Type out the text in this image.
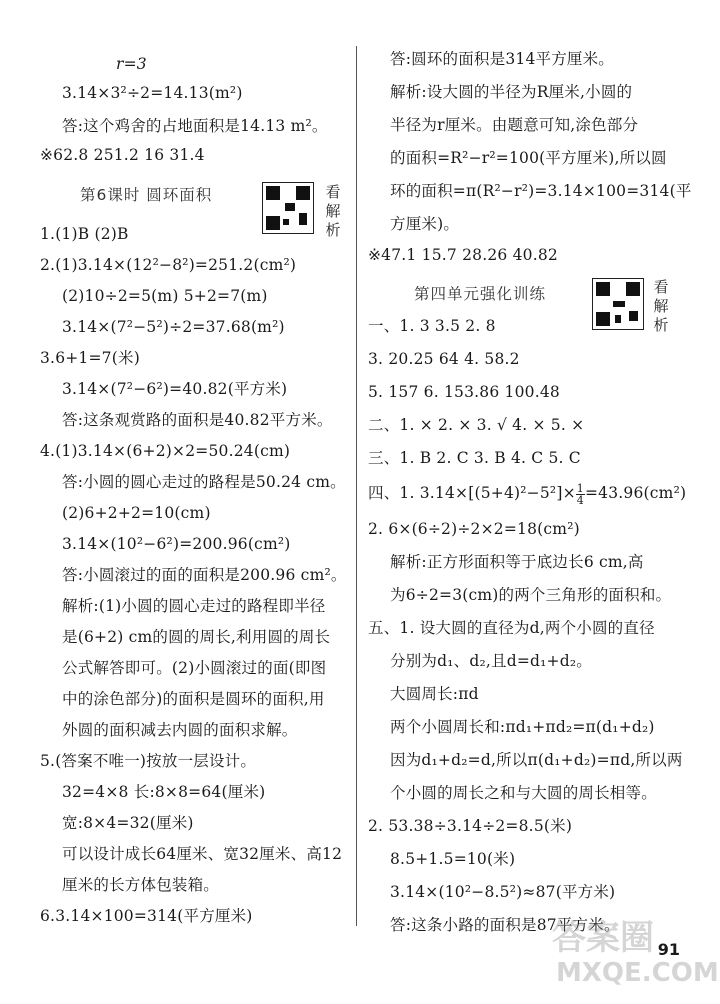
r=3
3.14×3²÷2=14.13(m²)
答:这个鸡舍的占地面积是14.13 m²。
※62.8 251.2 16 31.4
第6课时 圆环面积	看解析
1.(1)B (2)B
2.(1)3.14×(12²−8²)=251.2(cm²)
(2)10÷2=5(m) 5+2=7(m)
3.14×(7²−5²)÷2=37.68(m²)
3.6+1=7(米)
3.14×(7²−6²)=40.82(平方米)
答:这条观赏路的面积是40.82平方米。
4.(1)3.14×(6+2)×2=50.24(cm)
答:小圆的圆心走过的路程是50.24 cm。
(2)6+2+2=10(cm)
3.14×(10²−6²)=200.96(cm²)
答:小圆滚过的面的面积是200.96 cm²。
解析:(1)小圆的圆心走过的路程即半径
是(6+2) cm的圆的周长,利用圆的周长
公式解答即可。(2)小圆滚过的面(即图
中的涂色部分)的面积是圆环的面积,用
外圆的面积减去内圆的面积求解。
5.(答案不唯一)按放一层设计。
32=4×8 长:8×8=64(厘米)
宽:8×4=32(厘米)
可以设计成长64厘米、宽32厘米、高12
厘米的长方体包装箱。
6.3.14×100=314(平方厘米)
答:圆环的面积是314平方厘米。
解析:设大圆的半径为R厘米,小圆的
半径为r厘米。由题意可知,涂色部分
的面积=R²−r²=100(平方厘米),所以圆
环的面积=π(R²−r²)=3.14×100=314(平
方厘米)。
※47.1 15.7 28.26 40.82
第四单元强化训练	看解析
一、1. 3 3.5 2. 8
3. 20.25 64 4. 58.2
5. 157 6. 153.86 100.48
二、1. × 2. × 3. √ 4. × 5. ×
三、1. B 2. C 3. B 4. C 5. C
四、1. $3.14\times[(5+4)^2-5^2]\times \frac{1}{4} =43.96(cm^2)$
2. 6×(6÷2)÷2×2=18(cm²)
解析:正方形面积等于底边长6 cm,高
为6÷2=3(cm)的两个三角形的面积和。
五、1. 设大圆的直径为d,两个小圆的直径
分别为d₁、d₂,且d=d₁+d₂。
大圆周长:πd
两个小圆周长和:πd₁+πd₂=π(d₁+d₂)
因为d₁+d₂=d,所以π(d₁+d₂)=πd,所以两
个小圆的周长之和与大圆的周长相等。
2. 53.38÷3.14÷2=8.5(米)
8.5+1.5=10(米)
3.14×(10²−8.5²)≈87(平方米)
答:这条小路的面积是87平方米。
答案圈
MXQE.COM
91
